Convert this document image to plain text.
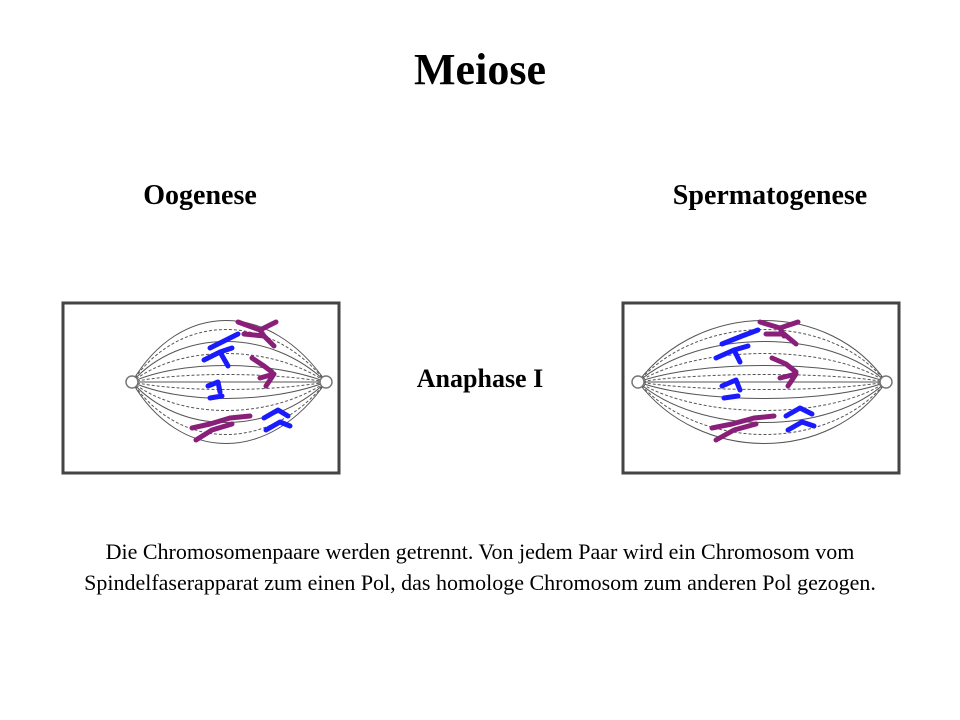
Meiose
Oogenese	Spermatogenese
Anaphase I
Die Chromosomenpaare werden getrennt. Von jedem Paar wird ein Chromosom vom Spindelfaserapparat zum einen Pol, das homologe Chromosom zum anderen Pol gezogen.
